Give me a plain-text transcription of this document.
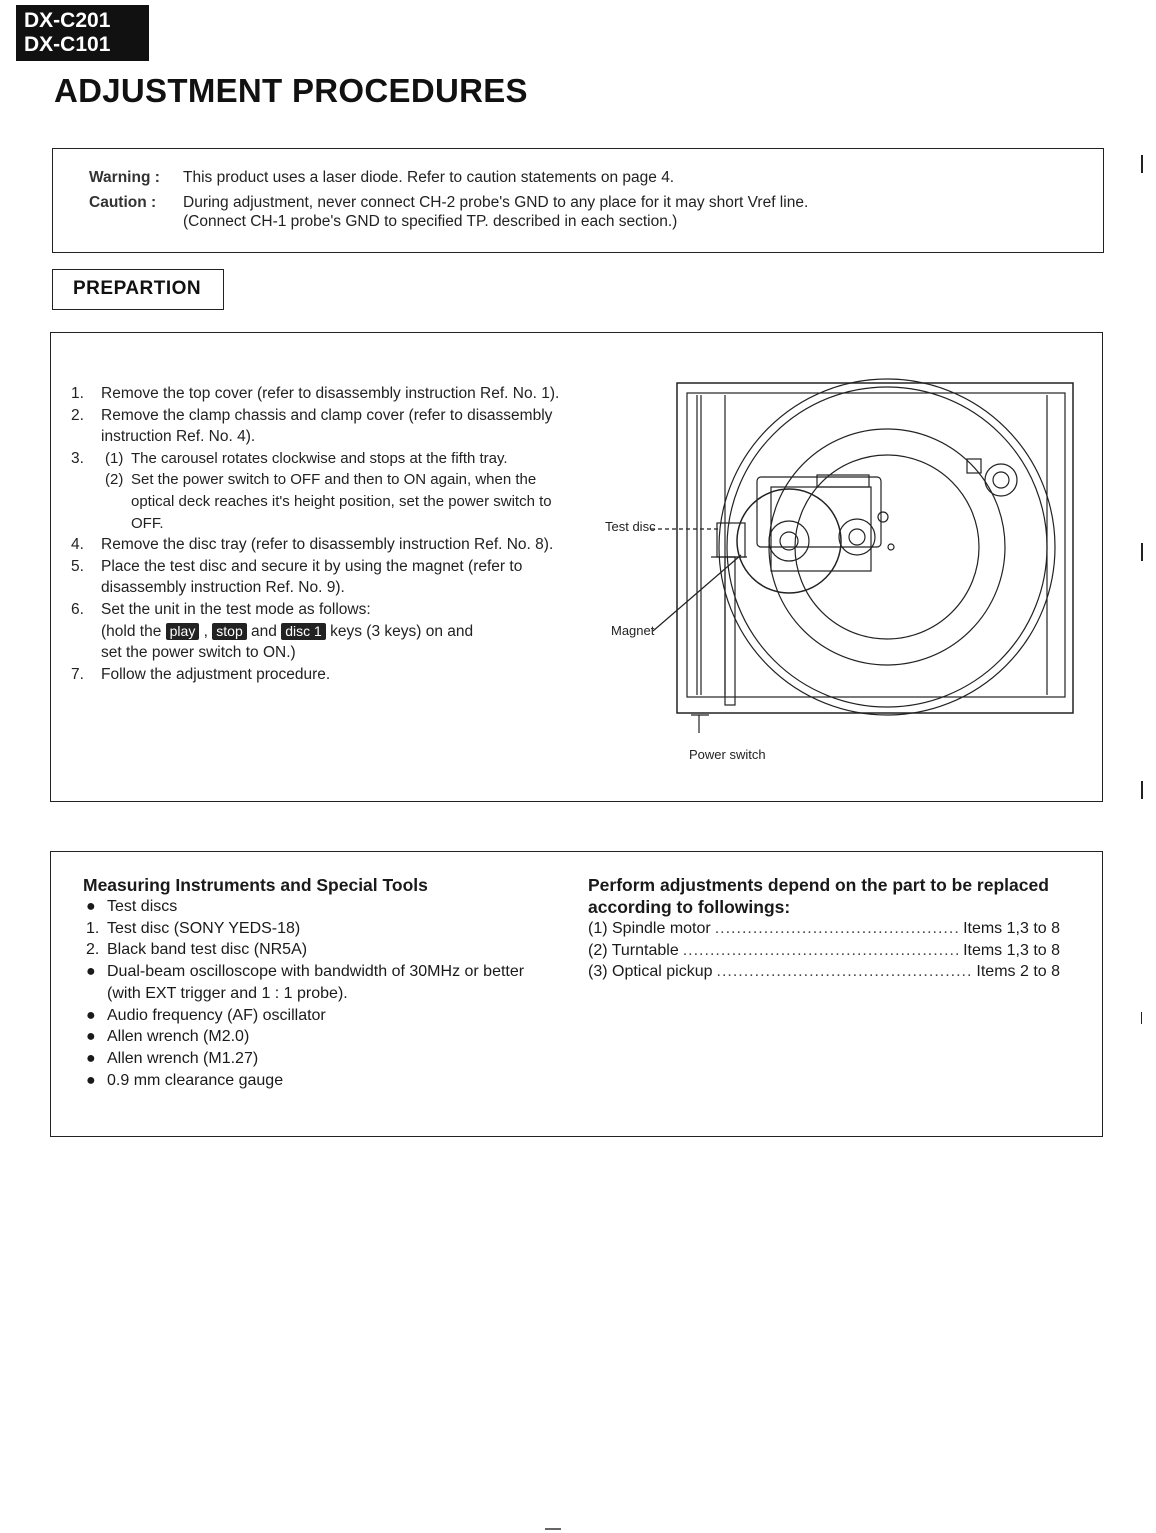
DX-C201
DX-C101
ADJUSTMENT PROCEDURES
Warning : This product uses a laser diode. Refer to caution statements on page 4.
Caution : During adjustment, never connect CH-2 probe's GND to any place for it may short Vref line.
(Connect CH-1 probe's GND to specified TP. described in each section.)
PREPARTION
1. Remove the top cover (refer to disassembly instruction Ref. No. 1).
2. Remove the clamp chassis and clamp cover (refer to disassembly instruction Ref. No. 4).
3. (1) The carousel rotates clockwise and stops at the fifth tray.
(2) Set the power switch to OFF and then to ON again, when the optical deck reaches it's height position, set the power switch to OFF.
4. Remove the disc tray (refer to disassembly instruction Ref. No. 8).
5. Place the test disc and secure it by using the magnet (refer to disassembly instruction Ref. No. 9).
6. Set the unit in the test mode as follows:
(hold the play , stop and disc 1 keys (3 keys) on and
set the power switch to ON.)
7. Follow the adjustment procedure.
Test disc
Magnet
Power switch
Measuring Instruments and Special Tools
● Test discs
1. Test disc (SONY YEDS-18)
2. Black band test disc (NR5A)
● Dual-beam oscilloscope with bandwidth of 30MHz or better (with EXT trigger and 1 : 1 probe).
● Audio frequency (AF) oscillator
● Allen wrench (M2.0)
● Allen wrench (M1.27)
● 0.9 mm clearance gauge
Perform adjustments depend on the part to be replaced according to followings:
(1) Spindle motor .....	Items 1,3 to 8
(2) Turntable .....	Items 1,3 to 8
(3) Optical pickup .....	Items 2 to 8
